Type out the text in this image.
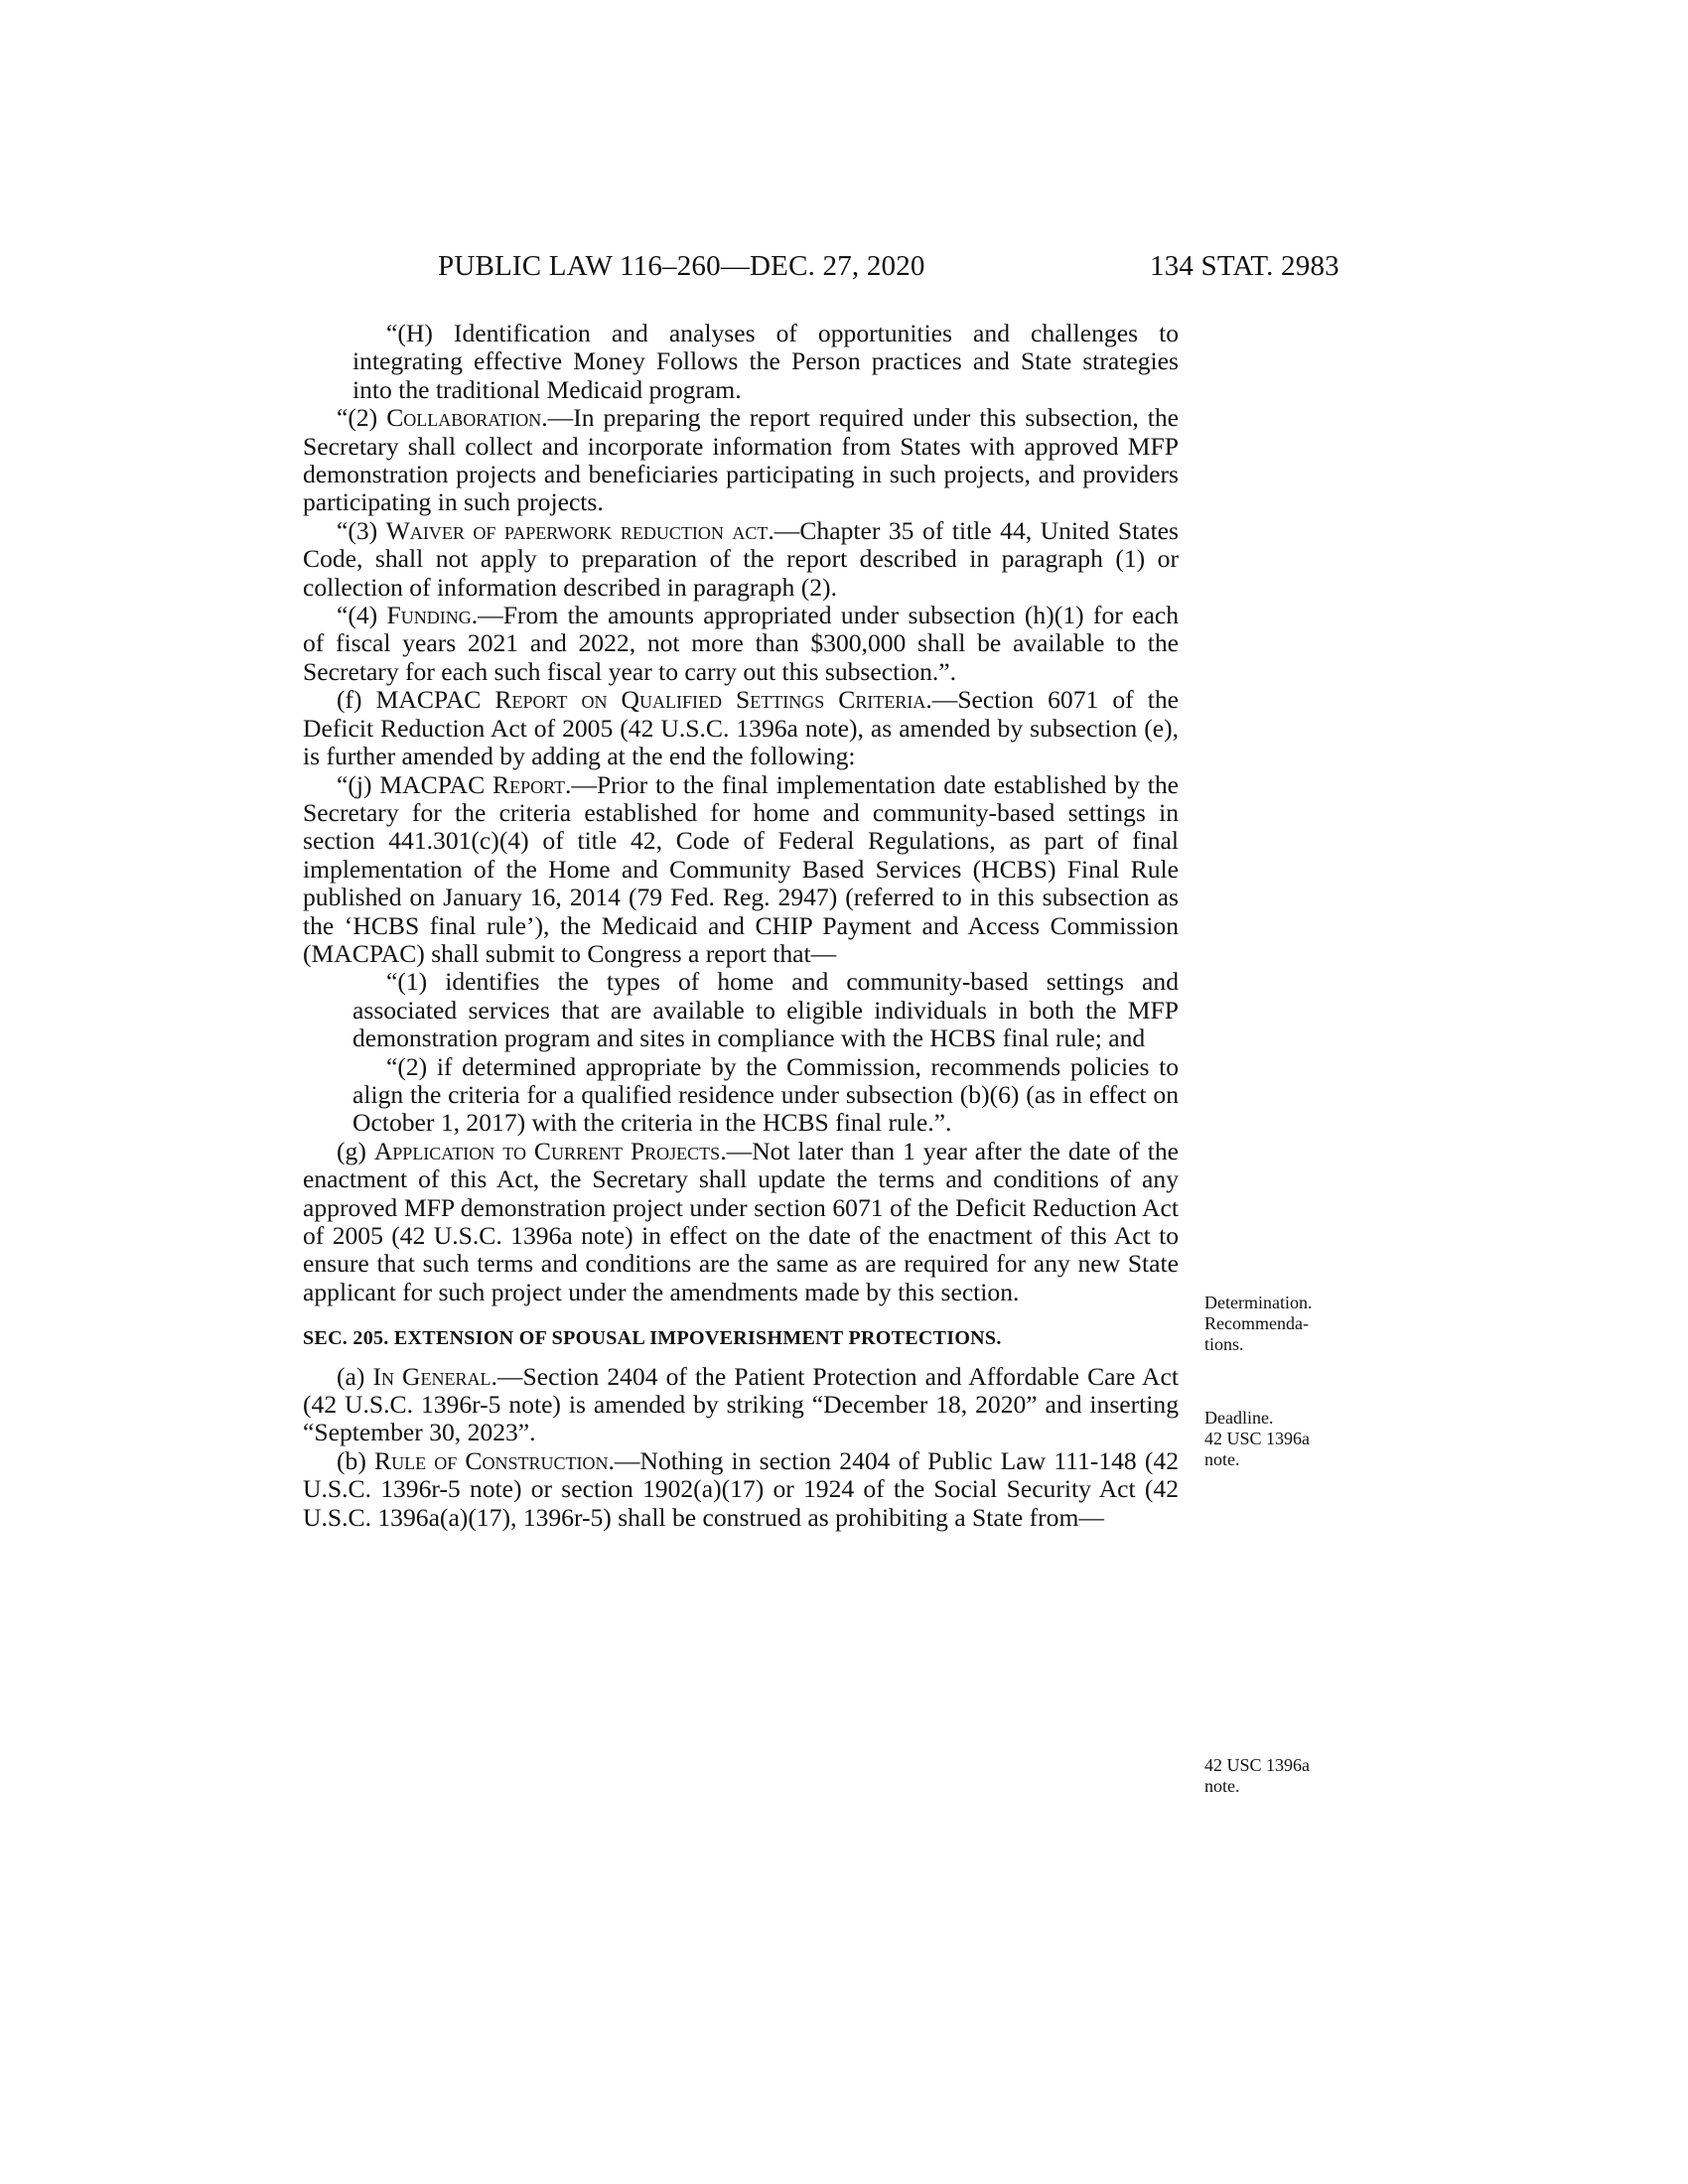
PUBLIC LAW 116–260—DEC. 27, 2020	134 STAT. 2983

“(H) Identification and analyses of opportunities and challenges to integrating effective Money Follows the Person practices and State strategies into the traditional Medicaid program.

“(2) Collaboration.—In preparing the report required under this subsection, the Secretary shall collect and incorporate information from States with approved MFP demonstration projects and beneficiaries participating in such projects, and providers participating in such projects.

“(3) Waiver of paperwork reduction act.—Chapter 35 of title 44, United States Code, shall not apply to preparation of the report described in paragraph (1) or collection of information described in paragraph (2).

“(4) Funding.—From the amounts appropriated under subsection (h)(1) for each of fiscal years 2021 and 2022, not more than $300,000 shall be available to the Secretary for each such fiscal year to carry out this subsection.”.

(f) MACPAC Report on Qualified Settings Criteria.—Section 6071 of the Deficit Reduction Act of 2005 (42 U.S.C. 1396a note), as amended by subsection (e), is further amended by adding at the end the following:

“(j) MACPAC Report.—Prior to the final implementation date established by the Secretary for the criteria established for home and community-based settings in section 441.301(c)(4) of title 42, Code of Federal Regulations, as part of final implementation of the Home and Community Based Services (HCBS) Final Rule published on January 16, 2014 (79 Fed. Reg. 2947) (referred to in this subsection as the ‘HCBS final rule’), the Medicaid and CHIP Payment and Access Commission (MACPAC) shall submit to Congress a report that—

“(1) identifies the types of home and community-based settings and associated services that are available to eligible individuals in both the MFP demonstration program and sites in compliance with the HCBS final rule; and

“(2) if determined appropriate by the Commission, recommends policies to align the criteria for a qualified residence under subsection (b)(6) (as in effect on October 1, 2017) with the criteria in the HCBS final rule.”.

(g) Application to Current Projects.—Not later than 1 year after the date of the enactment of this Act, the Secretary shall update the terms and conditions of any approved MFP demonstration project under section 6071 of the Deficit Reduction Act of 2005 (42 U.S.C. 1396a note) in effect on the date of the enactment of this Act to ensure that such terms and conditions are the same as are required for any new State applicant for such project under the amendments made by this section.

SEC. 205. EXTENSION OF SPOUSAL IMPOVERISHMENT PROTECTIONS.

(a) In General.—Section 2404 of the Patient Protection and Affordable Care Act (42 U.S.C. 1396r-5 note) is amended by striking “December 18, 2020” and inserting “September 30, 2023”.

(b) Rule of Construction.—Nothing in section 2404 of Public Law 111-148 (42 U.S.C. 1396r-5 note) or section 1902(a)(17) or 1924 of the Social Security Act (42 U.S.C. 1396a(a)(17), 1396r-5) shall be construed as prohibiting a State from—

Determination.
Recommenda-
tions.
Deadline.
42 USC 1396a
note.
42 USC 1396a
note.
